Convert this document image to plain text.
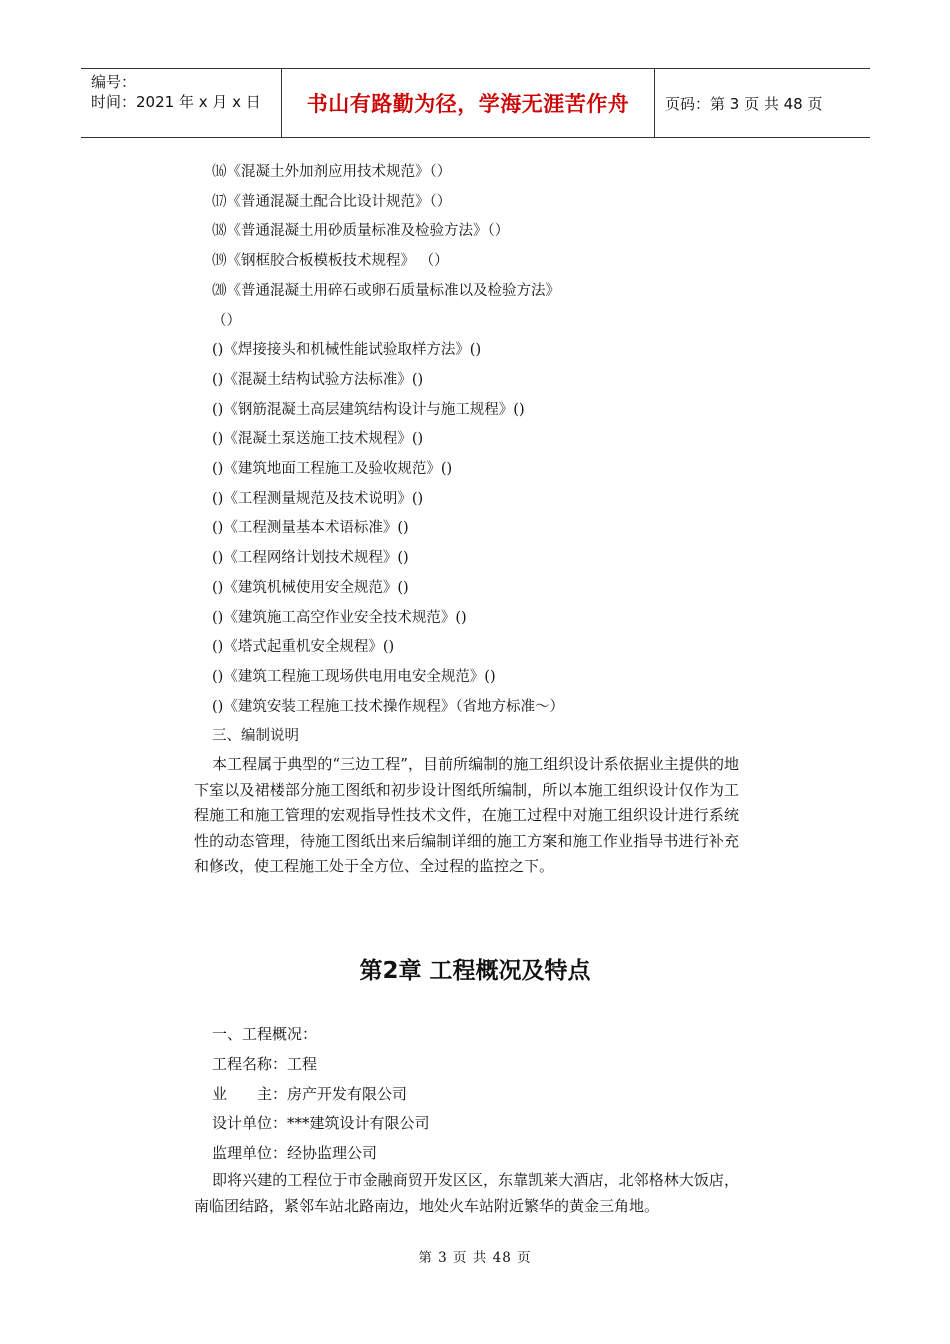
编号：
时间：2021 年 x 月 x 日	书山有路勤为径，学海无涯苦作舟	页码：第 3 页 共 48 页
⒃《混凝土外加剂应用技术规范》（）
⒄《普通混凝土配合比设计规范》（）
⒅《普通混凝土用砂质量标准及检验方法》（）
⒆《钢框胶合板模板技术规程》 （）
⒇《普通混凝土用碎石或卵石质量标准以及检验方法》
（）
()《焊接接头和机械性能试验取样方法》()
()《混凝土结构试验方法标准》()
()《钢筋混凝土高层建筑结构设计与施工规程》()
()《混凝土泵送施工技术规程》()
()《建筑地面工程施工及验收规范》()
()《工程测量规范及技术说明》()
()《工程测量基本术语标准》()
()《工程网络计划技术规程》()
()《建筑机械使用安全规范》()
()《建筑施工高空作业安全技术规范》()
()《塔式起重机安全规程》()
()《建筑工程施工现场供电用电安全规范》()
()《建筑安装工程施工技术操作规程》（省地方标准～）
三、编制说明

本工程属于典型的“三边工程”，目前所编制的施工组织设计系依据业主提供的地下室以及裙楼部分施工图纸和初步设计图纸所编制，所以本施工组织设计仅作为工程施工和施工管理的宏观指导性技术文件，在施工过程中对施工组织设计进行系统性的动态管理，待施工图纸出来后编制详细的施工方案和施工作业指导书进行补充和修改，使工程施工处于全方位、全过程的监控之下。

第2章 工程概况及特点
一、工程概况：
工程名称：工程
业　　主：房产开发有限公司
设计单位：***建筑设计有限公司
监理单位：经协监理公司

即将兴建的工程位于市金融商贸开发区区，东靠凯莱大酒店，北邻格林大饭店，南临团结路，紧邻车站北路南边，地处火车站附近繁华的黄金三角地。

第 3 页 共 48 页
